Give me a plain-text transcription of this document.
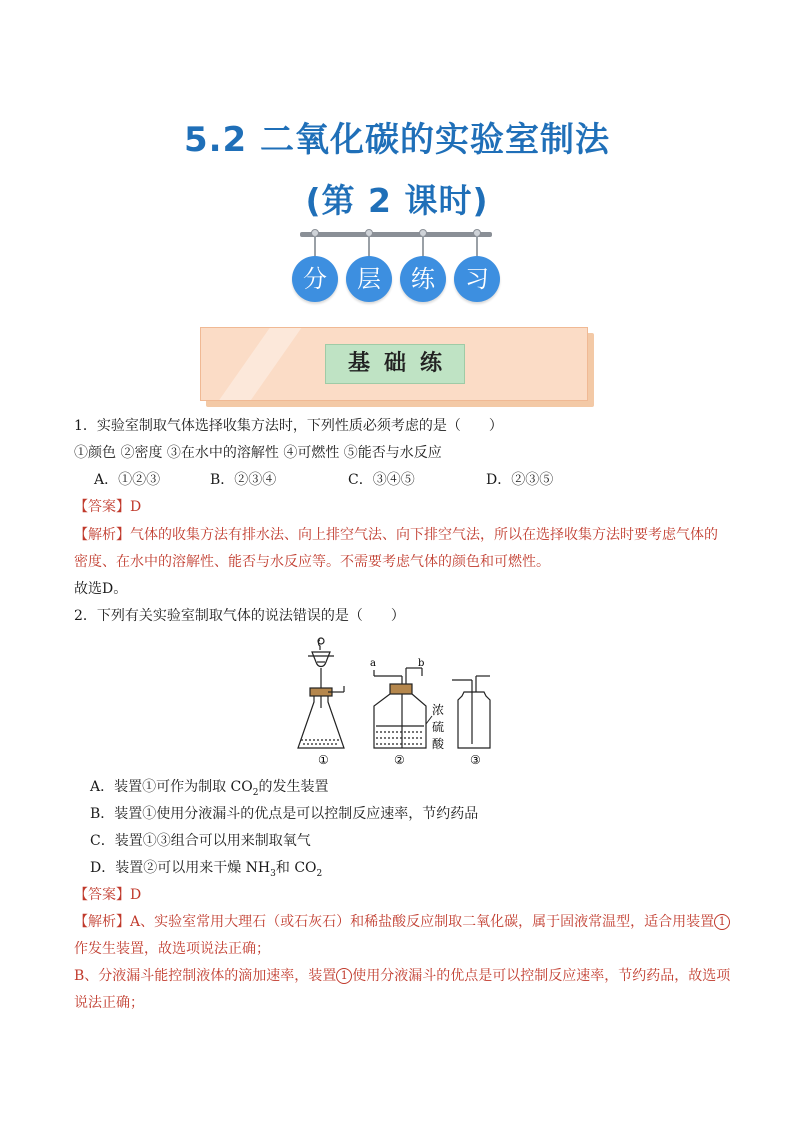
5.2 二氧化碳的实验室制法
(第 2 课时)
分	层	练	习
基础练

1．实验室制取气体选择收集方法时，下列性质必须考虑的是（　　）

①颜色 ②密度 ③在水中的溶解性 ④可燃性 ⑤能否与水反应

A．①②③	B．②③④	C．③④⑤	D．②③⑤

【答案】D

【解析】气体的收集方法有排水法、向上排空气法、向下排空气法，所以在选择收集方法时要考虑气体的

密度、在水中的溶解性、能否与水反应等。不需要考虑气体的颜色和可燃性。

故选D。

2．下列有关实验室制取气体的说法错误的是（　　）

a	b
浓
硫
酸
①	②	③

A．装置①可作为制取 $CO_2$的发生装置

B．装置①使用分液漏斗的优点是可以控制反应速率，节约药品

C．装置①③组合可以用来制取氧气

D．装置②可以用来干燥 $NH_3$和 $CO_2$

【答案】D

【解析】A、实验室常用大理石（或石灰石）和稀盐酸反应制取二氧化碳，属于固液常温型，适合用装置 1

作发生装置，故选项说法正确；

B、分液漏斗能控制液体的滴加速率，装置 1 使用分液漏斗的优点是可以控制反应速率，节约药品，故选项

说法正确；
